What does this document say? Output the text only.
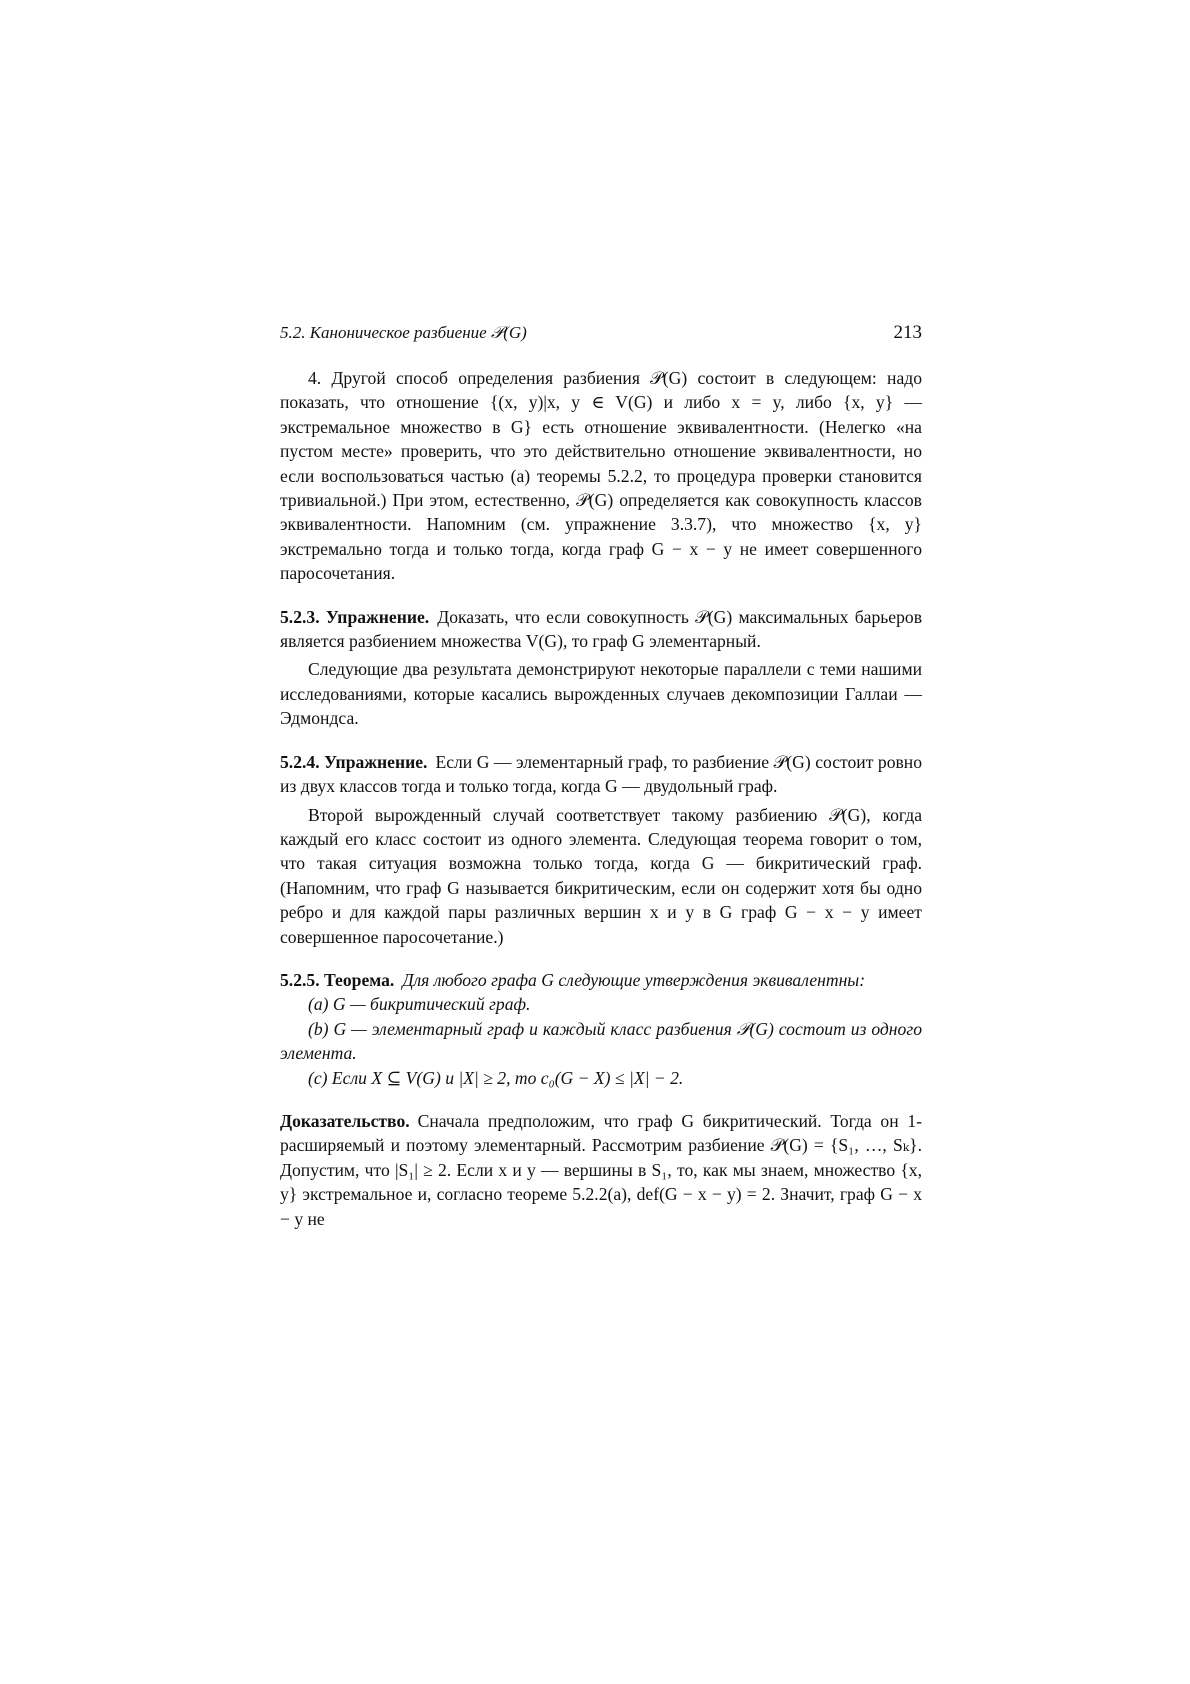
5.2. Каноническое разбиение 𝒫(G)	213

4. Другой способ определения разбиения 𝒫(G) состоит в следующем: надо показать, что отношение {(x, y)|x, y ∈ V(G) и либо x = y, либо {x, y} — экстремальное множество в G} есть отношение эквивалентности. (Нелегко «на пустом месте» проверить, что это действительно отношение эквивалентности, но если воспользоваться частью (a) теоремы 5.2.2, то процедура проверки становится тривиальной.) При этом, естественно, 𝒫(G) определяется как совокупность классов эквивалентности. Напомним (см. упражнение 3.3.7), что множество {x, y} экстремально тогда и только тогда, когда граф G − x − y не имеет совершенного паросочетания.

5.2.3. Упражнение. Доказать, что если совокупность 𝒫(G) максимальных барьеров является разбиением множества V(G), то граф G элементарный.

Следующие два результата демонстрируют некоторые параллели с теми нашими исследованиями, которые касались вырожденных случаев декомпозиции Галлаи — Эдмондса.

5.2.4. Упражнение. Если G — элементарный граф, то разбиение 𝒫(G) состоит ровно из двух классов тогда и только тогда, когда G — двудольный граф.

Второй вырожденный случай соответствует такому разбиению 𝒫(G), когда каждый его класс состоит из одного элемента. Следующая теорема говорит о том, что такая ситуация возможна только тогда, когда G — бикритический граф. (Напомним, что граф G называется бикритическим, если он содержит хотя бы одно ребро и для каждой пары различных вершин x и y в G граф G − x − y имеет совершенное паросочетание.)

5.2.5. Теорема. Для любого графа G следующие утверждения эквивалентны:

(a) G — бикритический граф.

(b) G — элементарный граф и каждый класс разбиения 𝒫(G) состоит из одного элемента.

(c) Если X ⊆ V(G) и |X| ≥ 2, то c₀(G − X) ≤ |X| − 2.

Доказательство. Сначала предположим, что граф G бикритический. Тогда он 1-расширяемый и поэтому элементарный. Рассмотрим разбиение 𝒫(G) = {S₁, …, Sₖ}. Допустим, что |S₁| ≥ 2. Если x и y — вершины в S₁, то, как мы знаем, множество {x, y} экстремальное и, согласно теореме 5.2.2(a), def(G − x − y) = 2. Значит, граф G − x − y не
